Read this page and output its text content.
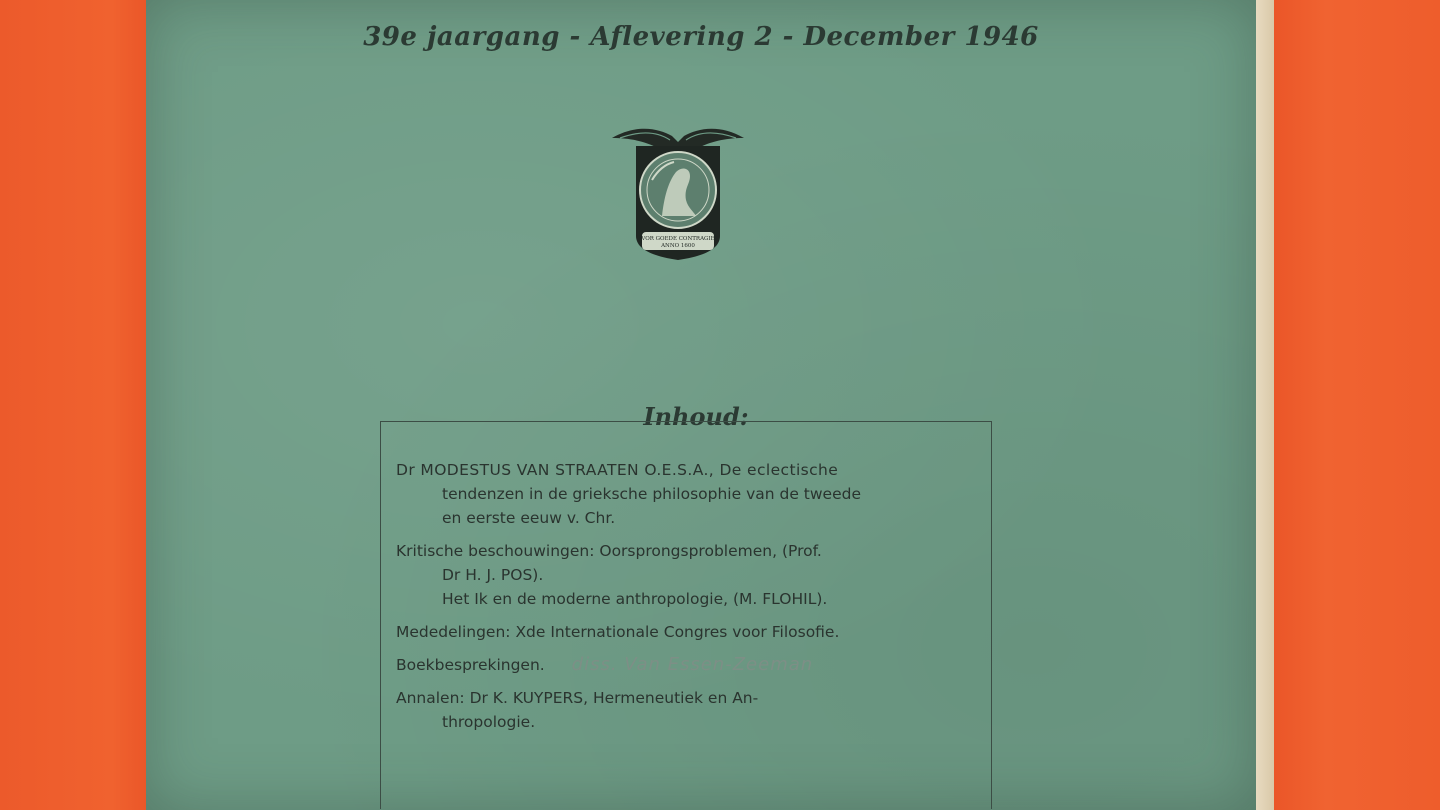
39e jaargang - Aflevering 2 - December 1946
VOR GOEDE CONTRAGIE
ANNO 1600
Inhoud:
Dr MODESTUS VAN STRAATEN O.E.S.A., De eclectische
tendenzen in de grieksche philosophie van de tweede
en eerste eeuw v. Chr.
Kritische beschouwingen: Oorsprongsproblemen, (Prof.
Dr H. J. POS).
Het Ik en de moderne anthropologie, (M. FLOHIL).
Mededelingen: Xde Internationale Congres voor Filosofie.
Boekbesprekingen. diss. Van Essen-Zeeman
Annalen: Dr K. KUYPERS, Hermeneutiek en An-
thropologie.
